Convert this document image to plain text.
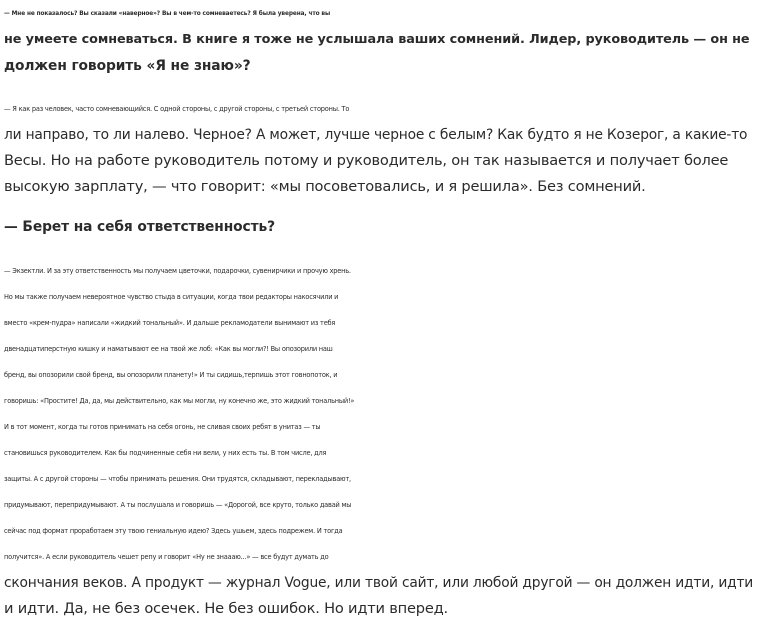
— Мне не показалось? Вы сказали «наверное»? Вы в чем-то сомневаетесь? Я была уверена, что вы
не умеете сомневаться. В книге я тоже не услышала ваших сомнений. Лидер, руководитель — он не
должен говорить «Я не знаю»?

— Я как раз человек, часто сомневающийся. С одной стороны, с другой стороны, с третьей стороны. То
ли направо, то ли налево. Черное? А может, лучше черное с белым? Как будто я не Козерог, а какие-то
Весы. Но на работе руководитель потому и руководитель, он так называется и получает более
высокую зарплату, — что говорит: «мы посоветовались, и я решила». Без сомнений.

— Берет на себя ответственность?

— Экзектли. И за эту ответственность мы получаем цветочки, подарочки, сувенирчики и прочую хрень.
Но мы также получаем невероятное чувство стыда в ситуации, когда твои редакторы накосячили и
вместо «крем-пудра» написали «жидкий тональный». И дальше рекламодатели вынимают из тебя
двенадцатиперстную кишку и наматывают ее на твой же лоб: «Как вы могли?! Вы опозорили наш
бренд, вы опозорили свой бренд, вы опозорили планету!» И ты сидишь,терпишь этот говнопоток, и
говоришь: «Простите! Да, да, мы действительно, как мы могли, ну конечно же, это жидкий тональный!»
И в тот момент, когда ты готов принимать на себя огонь, не сливая своих ребят в унитаз — ты
становишься руководителем. Как бы подчиненные себя ни вели, у них есть ты. В том числе, для
защиты. А с другой стороны — чтобы принимать решения. Они трудятся, складывают, перекладывают,
придумывают, перепридумывают. А ты послушала и говоришь — «Дорогой, все круто, только давай мы
сейчас под формат проработаем эту твою гениальную идею? Здесь ушьем, здесь подрежем. И тогда
получится». А если руководитель чешет репу и говорит «Ну не знаааю...» — все будут думать до
скончания веков. А продукт — журнал Vogue, или твой сайт, или любой другой — он должен идти, идти
и идти. Да, не без осечек. Не без ошибок. Но идти вперед.
